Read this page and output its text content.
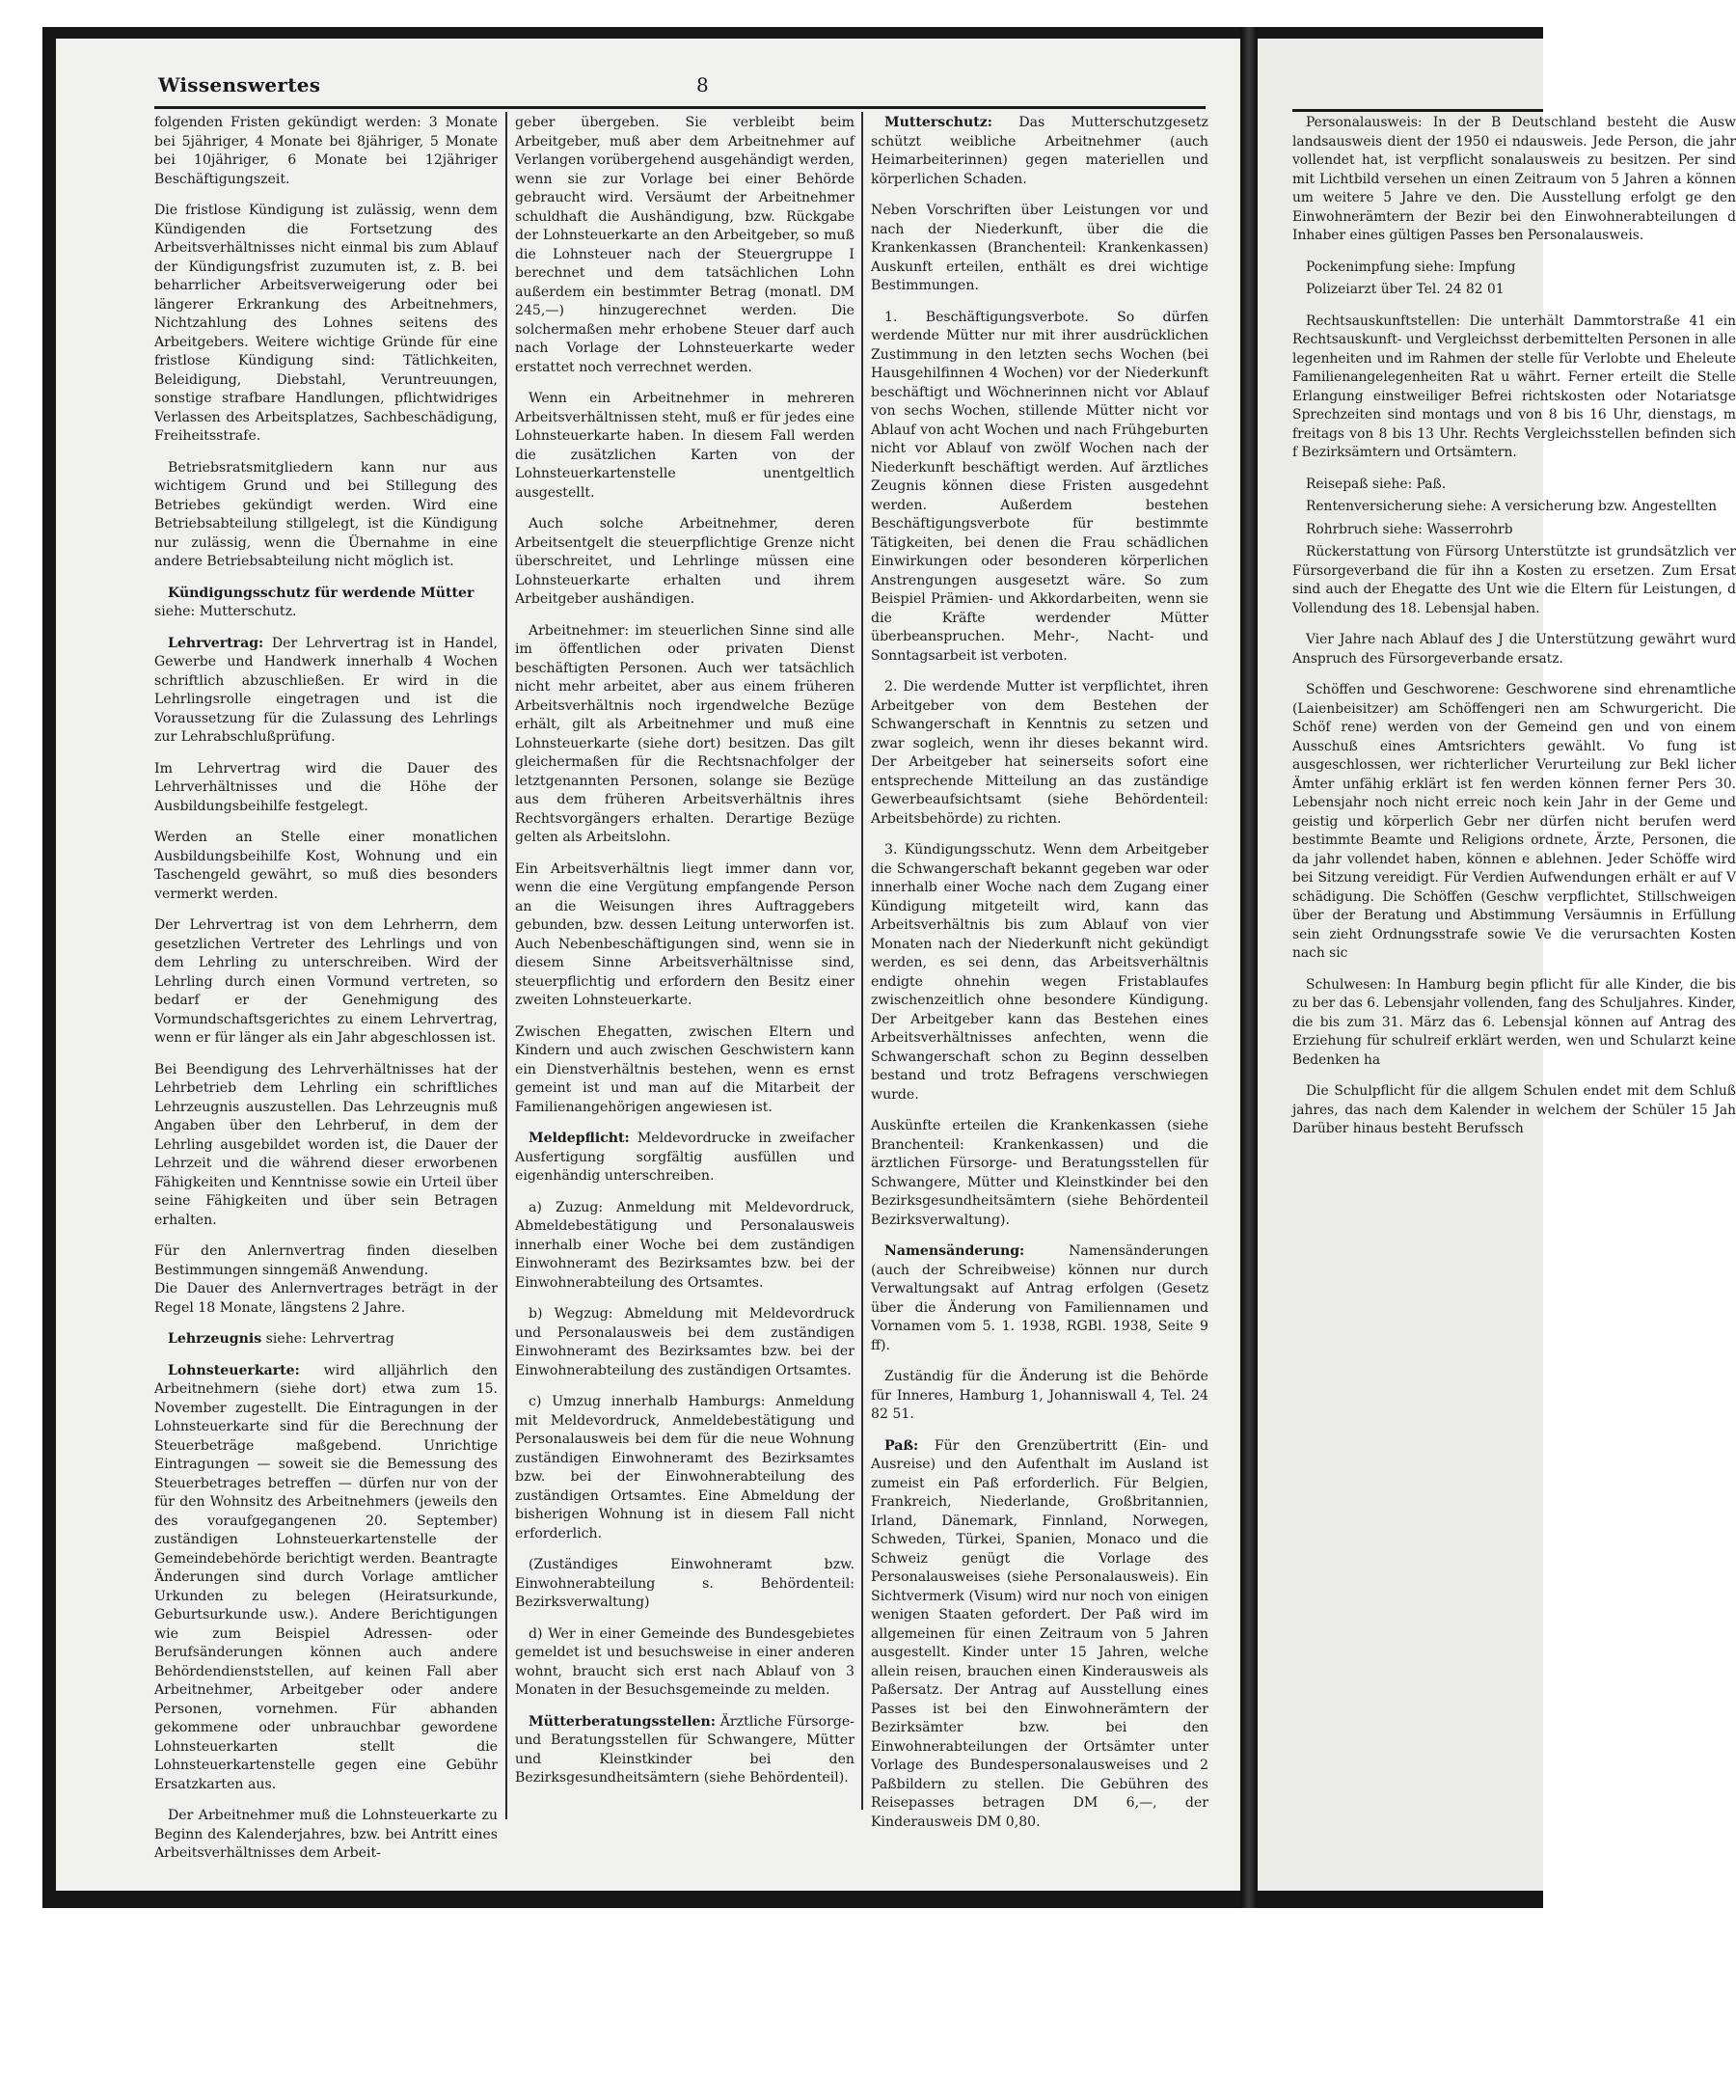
Wissenswertes	8

folgenden Fristen gekündigt werden: 3 Monate bei 5jähriger, 4 Monate bei 8jähriger, 5 Monate bei 10jähriger, 6 Monate bei 12jähriger Beschäftigungszeit.

Die fristlose Kündigung ist zulässig, wenn dem Kündigenden die Fortsetzung des Arbeitsverhältnisses nicht einmal bis zum Ablauf der Kündigungsfrist zuzumuten ist, z. B. bei beharrlicher Arbeitsverweigerung oder bei längerer Erkrankung des Arbeitnehmers, Nichtzahlung des Lohnes seitens des Arbeitgebers. Weitere wichtige Gründe für eine fristlose Kündigung sind: Tätlichkeiten, Beleidigung, Diebstahl, Veruntreuungen, sonstige strafbare Handlungen, pflichtwidriges Verlassen des Arbeitsplatzes, Sachbeschädigung, Freiheitsstrafe.

Betriebsratsmitgliedern kann nur aus wichtigem Grund und bei Stillegung des Betriebes gekündigt werden. Wird eine Betriebsabteilung stillgelegt, ist die Kündigung nur zulässig, wenn die Übernahme in eine andere Betriebsabteilung nicht möglich ist.

Kündigungsschutz für werdende Mütter

siehe: Mutterschutz.

Lehrvertrag: Der Lehrvertrag ist in Handel, Gewerbe und Handwerk innerhalb 4 Wochen schriftlich abzuschließen. Er wird in die Lehrlingsrolle eingetragen und ist die Voraussetzung für die Zulassung des Lehrlings zur Lehrabschlußprüfung.

Im Lehrvertrag wird die Dauer des Lehrverhältnisses und die Höhe der Ausbildungsbeihilfe festgelegt.

Werden an Stelle einer monatlichen Ausbildungsbeihilfe Kost, Wohnung und ein Taschengeld gewährt, so muß dies besonders vermerkt werden.

Der Lehrvertrag ist von dem Lehrherrn, dem gesetzlichen Vertreter des Lehrlings und von dem Lehrling zu unterschreiben. Wird der Lehrling durch einen Vormund vertreten, so bedarf er der Genehmigung des Vormundschaftsgerichtes zu einem Lehrvertrag, wenn er für länger als ein Jahr abgeschlossen ist.

Bei Beendigung des Lehrverhältnisses hat der Lehrbetrieb dem Lehrling ein schriftliches Lehrzeugnis auszustellen. Das Lehrzeugnis muß Angaben über den Lehrberuf, in dem der Lehrling ausgebildet worden ist, die Dauer der Lehrzeit und die während dieser erworbenen Fähigkeiten und Kenntnisse sowie ein Urteil über seine Fähigkeiten und über sein Betragen erhalten.

Für den Anlernvertrag finden dieselben Bestimmungen sinngemäß Anwendung.

Die Dauer des Anlernvertrages beträgt in der Regel 18 Monate, längstens 2 Jahre.

Lehrzeugnis siehe: Lehrvertrag

Lohnsteuerkarte: wird alljährlich den Arbeitnehmern (siehe dort) etwa zum 15. November zugestellt. Die Eintragungen in der Lohnsteuerkarte sind für die Berechnung der Steuerbeträge maßgebend. Unrichtige Eintragungen — soweit sie die Bemessung des Steuerbetrages betreffen — dürfen nur von der für den Wohnsitz des Arbeitnehmers (jeweils den des voraufgegangenen 20. September) zuständigen Lohnsteuerkartenstelle der Gemeindebehörde berichtigt werden. Beantragte Änderungen sind durch Vorlage amtlicher Urkunden zu belegen (Heiratsurkunde, Geburtsurkunde usw.). Andere Berichtigungen wie zum Beispiel Adressen- oder Berufsänderungen können auch andere Behördendienststellen, auf keinen Fall aber Arbeitnehmer, Arbeitgeber oder andere Personen, vornehmen. Für abhanden gekommene oder unbrauchbar gewordene Lohnsteuerkarten stellt die Lohnsteuerkartenstelle gegen eine Gebühr Ersatzkarten aus.

Der Arbeitnehmer muß die Lohnsteuerkarte zu Beginn des Kalenderjahres, bzw. bei Antritt eines Arbeitsverhältnisses dem Arbeit-

geber übergeben. Sie verbleibt beim Arbeitgeber, muß aber dem Arbeitnehmer auf Verlangen vorübergehend ausgehändigt werden, wenn sie zur Vorlage bei einer Behörde gebraucht wird. Versäumt der Arbeitnehmer schuldhaft die Aushändigung, bzw. Rückgabe der Lohnsteuerkarte an den Arbeitgeber, so muß die Lohnsteuer nach der Steuergruppe I berechnet und dem tatsächlichen Lohn außerdem ein bestimmter Betrag (monatl. DM 245,—) hinzugerechnet werden. Die solchermaßen mehr erhobene Steuer darf auch nach Vorlage der Lohnsteuerkarte weder erstattet noch verrechnet werden.

Wenn ein Arbeitnehmer in mehreren Arbeitsverhältnissen steht, muß er für jedes eine Lohnsteuerkarte haben. In diesem Fall werden die zusätzlichen Karten von der Lohnsteuerkartenstelle unentgeltlich ausgestellt.

Auch solche Arbeitnehmer, deren Arbeitsentgelt die steuerpflichtige Grenze nicht überschreitet, und Lehrlinge müssen eine Lohnsteuerkarte erhalten und ihrem Arbeitgeber aushändigen.

Arbeitnehmer: im steuerlichen Sinne sind alle im öffentlichen oder privaten Dienst beschäftigten Personen. Auch wer tatsächlich nicht mehr arbeitet, aber aus einem früheren Arbeitsverhältnis noch irgendwelche Bezüge erhält, gilt als Arbeitnehmer und muß eine Lohnsteuerkarte (siehe dort) besitzen. Das gilt gleichermaßen für die Rechtsnachfolger der letztgenannten Personen, solange sie Bezüge aus dem früheren Arbeitsverhältnis ihres Rechtsvorgängers erhalten. Derartige Bezüge gelten als Arbeitslohn.

Ein Arbeitsverhältnis liegt immer dann vor, wenn die eine Vergütung empfangende Person an die Weisungen ihres Auftraggebers gebunden, bzw. dessen Leitung unterworfen ist. Auch Nebenbeschäftigungen sind, wenn sie in diesem Sinne Arbeitsverhältnisse sind, steuerpflichtig und erfordern den Besitz einer zweiten Lohnsteuerkarte.

Zwischen Ehegatten, zwischen Eltern und Kindern und auch zwischen Geschwistern kann ein Dienstverhältnis bestehen, wenn es ernst gemeint ist und man auf die Mitarbeit der Familienangehörigen angewiesen ist.

Meldepflicht: Meldevordrucke in zweifacher Ausfertigung sorgfältig ausfüllen und eigenhändig unterschreiben.

a) Zuzug: Anmeldung mit Meldevordruck, Abmeldebestätigung und Personalausweis innerhalb einer Woche bei dem zuständigen Einwohneramt des Bezirksamtes bzw. bei der Einwohnerabteilung des Ortsamtes.

b) Wegzug: Abmeldung mit Meldevordruck und Personalausweis bei dem zuständigen Einwohneramt des Bezirksamtes bzw. bei der Einwohnerabteilung des zuständigen Ortsamtes.

c) Umzug innerhalb Hamburgs: Anmeldung mit Meldevordruck, Anmeldebestätigung und Personalausweis bei dem für die neue Wohnung zuständigen Einwohneramt des Bezirksamtes bzw. bei der Einwohnerabteilung des zuständigen Ortsamtes. Eine Abmeldung der bisherigen Wohnung ist in diesem Fall nicht erforderlich.

(Zuständiges Einwohneramt bzw. Einwohnerabteilung s. Behördenteil: Bezirksverwaltung)

d) Wer in einer Gemeinde des Bundesgebietes gemeldet ist und besuchsweise in einer anderen wohnt, braucht sich erst nach Ablauf von 3 Monaten in der Besuchsgemeinde zu melden.

Mütterberatungsstellen: Ärztliche Fürsorge- und Beratungsstellen für Schwangere, Mütter und Kleinstkinder bei den Bezirksgesundheitsämtern (siehe Behördenteil).

Mutterschutz: Das Mutterschutzgesetz schützt weibliche Arbeitnehmer (auch Heimarbeiterinnen) gegen materiellen und körperlichen Schaden.

Neben Vorschriften über Leistungen vor und nach der Niederkunft, über die die Krankenkassen (Branchenteil: Krankenkassen) Auskunft erteilen, enthält es drei wichtige Bestimmungen.

1. Beschäftigungsverbote. So dürfen werdende Mütter nur mit ihrer ausdrücklichen Zustimmung in den letzten sechs Wochen (bei Hausgehilfinnen 4 Wochen) vor der Niederkunft beschäftigt und Wöchnerinnen nicht vor Ablauf von sechs Wochen, stillende Mütter nicht vor Ablauf von acht Wochen und nach Frühgeburten nicht vor Ablauf von zwölf Wochen nach der Niederkunft beschäftigt werden. Auf ärztliches Zeugnis können diese Fristen ausgedehnt werden. Außerdem bestehen Beschäftigungsverbote für bestimmte Tätigkeiten, bei denen die Frau schädlichen Einwirkungen oder besonderen körperlichen Anstrengungen ausgesetzt wäre. So zum Beispiel Prämien- und Akkordarbeiten, wenn sie die Kräfte werdender Mütter überbeanspruchen. Mehr-, Nacht- und Sonntagsarbeit ist verboten.

2. Die werdende Mutter ist verpflichtet, ihren Arbeitgeber von dem Bestehen der Schwangerschaft in Kenntnis zu setzen und zwar sogleich, wenn ihr dieses bekannt wird. Der Arbeitgeber hat seinerseits sofort eine entsprechende Mitteilung an das zuständige Gewerbeaufsichtsamt (siehe Behördenteil: Arbeitsbehörde) zu richten.

3. Kündigungsschutz. Wenn dem Arbeitgeber die Schwangerschaft bekannt gegeben war oder innerhalb einer Woche nach dem Zugang einer Kündigung mitgeteilt wird, kann das Arbeitsverhältnis bis zum Ablauf von vier Monaten nach der Niederkunft nicht gekündigt werden, es sei denn, das Arbeitsverhältnis endigte ohnehin wegen Fristablaufes zwischenzeitlich ohne besondere Kündigung. Der Arbeitgeber kann das Bestehen eines Arbeitsverhältnisses anfechten, wenn die Schwangerschaft schon zu Beginn desselben bestand und trotz Befragens verschwiegen wurde.

Auskünfte erteilen die Krankenkassen (siehe Branchenteil: Krankenkassen) und die ärztlichen Fürsorge- und Beratungsstellen für Schwangere, Mütter und Kleinstkinder bei den Bezirksgesundheitsämtern (siehe Behördenteil Bezirksverwaltung).

Namensänderung:	Namensänderungen (auch der Schreibweise) können nur durch Verwaltungsakt auf Antrag erfolgen (Gesetz über die Änderung von Familiennamen und Vornamen vom 5. 1. 1938, RGBl. 1938, Seite 9 ff).

Zuständig für die Änderung ist die Behörde für Inneres, Hamburg 1, Johanniswall 4, Tel. 24 82 51.

Paß: Für den Grenzübertritt (Ein- und Ausreise) und den Aufenthalt im Ausland ist zumeist ein Paß erforderlich. Für Belgien, Frankreich, Niederlande, Großbritannien, Irland, Dänemark, Finnland, Norwegen, Schweden, Türkei, Spanien, Monaco und die Schweiz genügt die Vorlage des Personalausweises (siehe Personalausweis). Ein Sichtvermerk (Visum) wird nur noch von einigen wenigen Staaten gefordert. Der Paß wird im allgemeinen für einen Zeitraum von 5 Jahren ausgestellt. Kinder unter 15 Jahren, welche allein reisen, brauchen einen Kinderausweis als Paßersatz. Der Antrag auf Ausstellung eines Passes ist bei den Einwohnerämtern der Bezirksämter bzw. bei den Einwohnerabteilungen der Ortsämter unter Vorlage des Bundespersonalausweises und 2 Paßbildern zu stellen. Die Gebühren des Reisepasses betragen DM 6,—, der Kinderausweis DM 0,80.

Personalausweis: In der B Deutschland besteht die Ausw landsausweis dient der 1950 ei ndausweis. Jede Person, die jahr vollendet hat, ist verpflicht sonalausweis zu besitzen. Per sind mit Lichtbild versehen un einen Zeitraum von 5 Jahren a können um weitere 5 Jahre ve den. Die Ausstellung erfolgt ge den Einwohnerämtern der Bezir bei den Einwohnerabteilungen d Inhaber eines gültigen Passes ben Personalausweis.

Pockenimpfung siehe: Impfung

Polizeiarzt über Tel. 24 82 01

Rechtsauskunftstellen: Die unterhält Dammtorstraße 41 ein Rechtsauskunft- und Vergleichsst derbemittelten Personen in alle legenheiten und im Rahmen der stelle für Verlobte und Eheleute Familienangelegenheiten Rat u währt. Ferner erteilt die Stelle Erlangung einstweiliger Befrei richtskosten oder Notariatsge Sprechzeiten sind montags und von 8 bis 16 Uhr, dienstags, m freitags von 8 bis 13 Uhr. Rechts Vergleichsstellen befinden sich f Bezirksämtern und Ortsämtern.

Reisepaß siehe: Paß.

Rentenversicherung siehe: A versicherung bzw. Angestellten

Rohrbruch siehe: Wasserrohrb

Rückerstattung von Fürsorg Unterstützte ist grundsätzlich ver Fürsorgeverband die für ihn a Kosten zu ersetzen. Zum Ersat sind auch der Ehegatte des Unt wie die Eltern für Leistungen, d Vollendung des 18. Lebensjal haben.

Vier Jahre nach Ablauf des J die Unterstützung gewährt wurd Anspruch des Fürsorgeverbande ersatz.

Schöffen und Geschworene: Geschworene sind ehrenamtliche (Laienbeisitzer) am Schöffengeri nen am Schwurgericht. Die Schöf rene) werden von der Gemeind gen und von einem Ausschuß eines Amtsrichters gewählt. Vo fung ist ausgeschlossen, wer richterlicher Verurteilung zur Bekl licher Ämter unfähig erklärt ist fen werden können ferner Pers 30. Lebensjahr noch nicht erreic noch kein Jahr in der Geme und geistig und körperlich Gebr ner dürfen nicht berufen werd bestimmte Beamte und Religions ordnete, Ärzte, Personen, die da jahr vollendet haben, können e ablehnen. Jeder Schöffe wird bei Sitzung vereidigt. Für Verdien Aufwendungen erhält er auf V schädigung. Die Schöffen (Geschw verpflichtet, Stillschweigen über der Beratung und Abstimmung Versäumnis in Erfüllung sein zieht Ordnungsstrafe sowie Ve die verursachten Kosten nach sic

Schulwesen: In Hamburg begin pflicht für alle Kinder, die bis zu ber das 6. Lebensjahr vollenden, fang des Schuljahres. Kinder, die bis zum 31. März das 6. Lebensjal können auf Antrag des Erziehung für schulreif erklärt werden, wen und Schularzt keine Bedenken ha

Die Schulpflicht für die allgem Schulen endet mit dem Schluß jahres, das nach dem Kalender in welchem der Schüler 15 Jah Darüber hinaus besteht Berufssch
